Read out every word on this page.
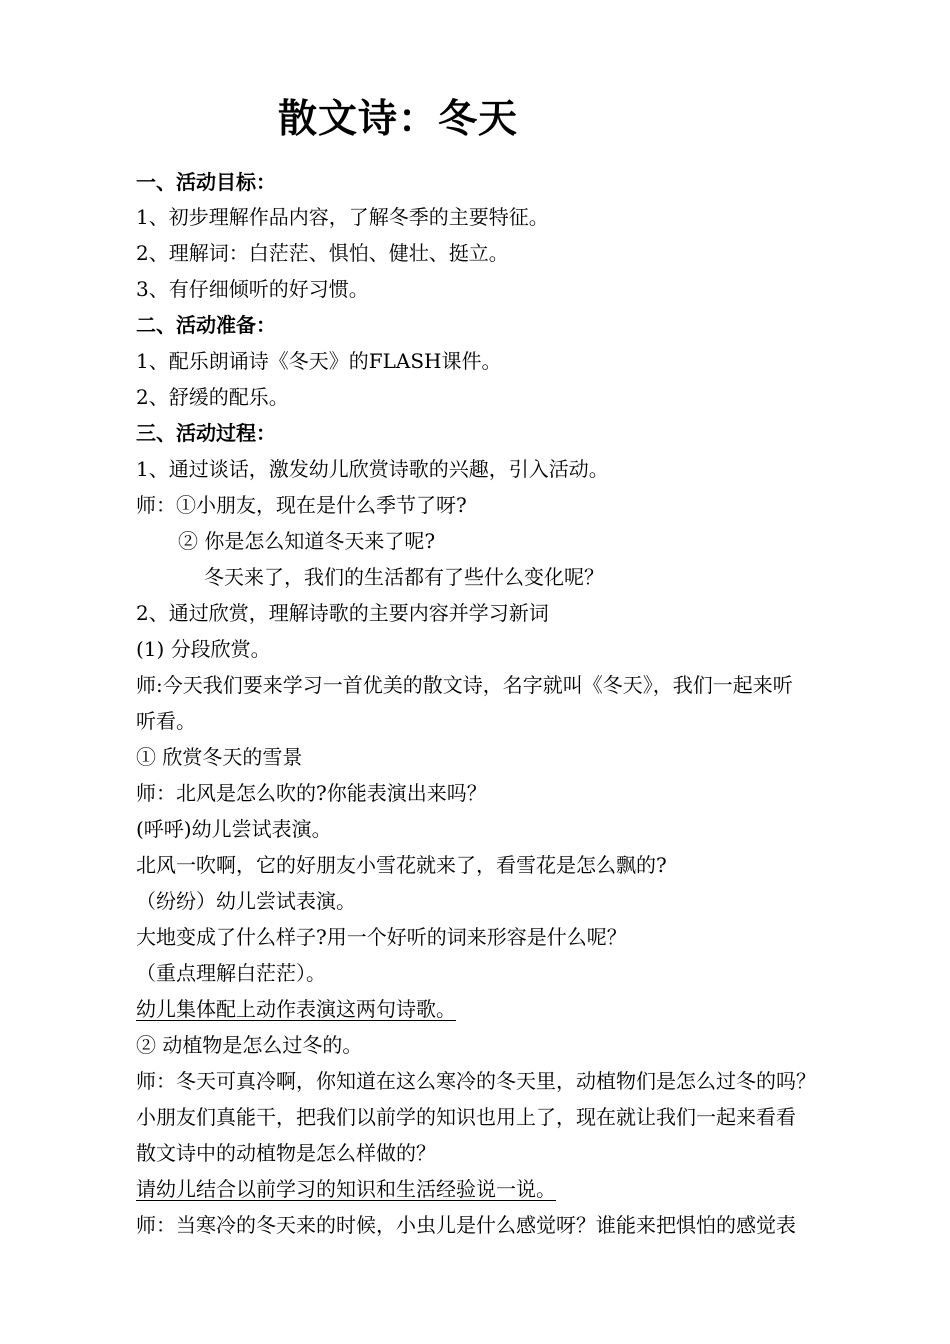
散文诗：冬天
一、活动目标：
1、初步理解作品内容，了解冬季的主要特征。
2、理解词：白茫茫、惧怕、健壮、挺立。
3、有仔细倾听的好习惯。
二、活动准备：
1、配乐朗诵诗《冬天》的FLASH课件。
2、舒缓的配乐。
三、活动过程：
1、通过谈话，激发幼儿欣赏诗歌的兴趣，引入活动。
师：①小朋友，现在是什么季节了呀?
② 你是怎么知道冬天来了呢?
冬天来了，我们的生活都有了些什么变化呢？
2、通过欣赏，理解诗歌的主要内容并学习新词
(1) 分段欣赏。
师:今天我们要来学习一首优美的散文诗，名字就叫《冬天》，我们一起来听
听看。
① 欣赏冬天的雪景
师：北风是怎么吹的?你能表演出来吗？
(呼呼)幼儿尝试表演。
北风一吹啊，它的好朋友小雪花就来了，看雪花是怎么飘的?
（纷纷）幼儿尝试表演。
大地变成了什么样子?用一个好听的词来形容是什么呢？
（重点理解白茫茫）。
幼儿集体配上动作表演这两句诗歌。
② 动植物是怎么过冬的。
师：冬天可真冷啊，你知道在这么寒冷的冬天里，动植物们是怎么过冬的吗？
小朋友们真能干，把我们以前学的知识也用上了，现在就让我们一起来看看
散文诗中的动植物是怎么样做的？
请幼儿结合以前学习的知识和生活经验说一说。
师：当寒冷的冬天来的时候，小虫儿是什么感觉呀？谁能来把惧怕的感觉表
